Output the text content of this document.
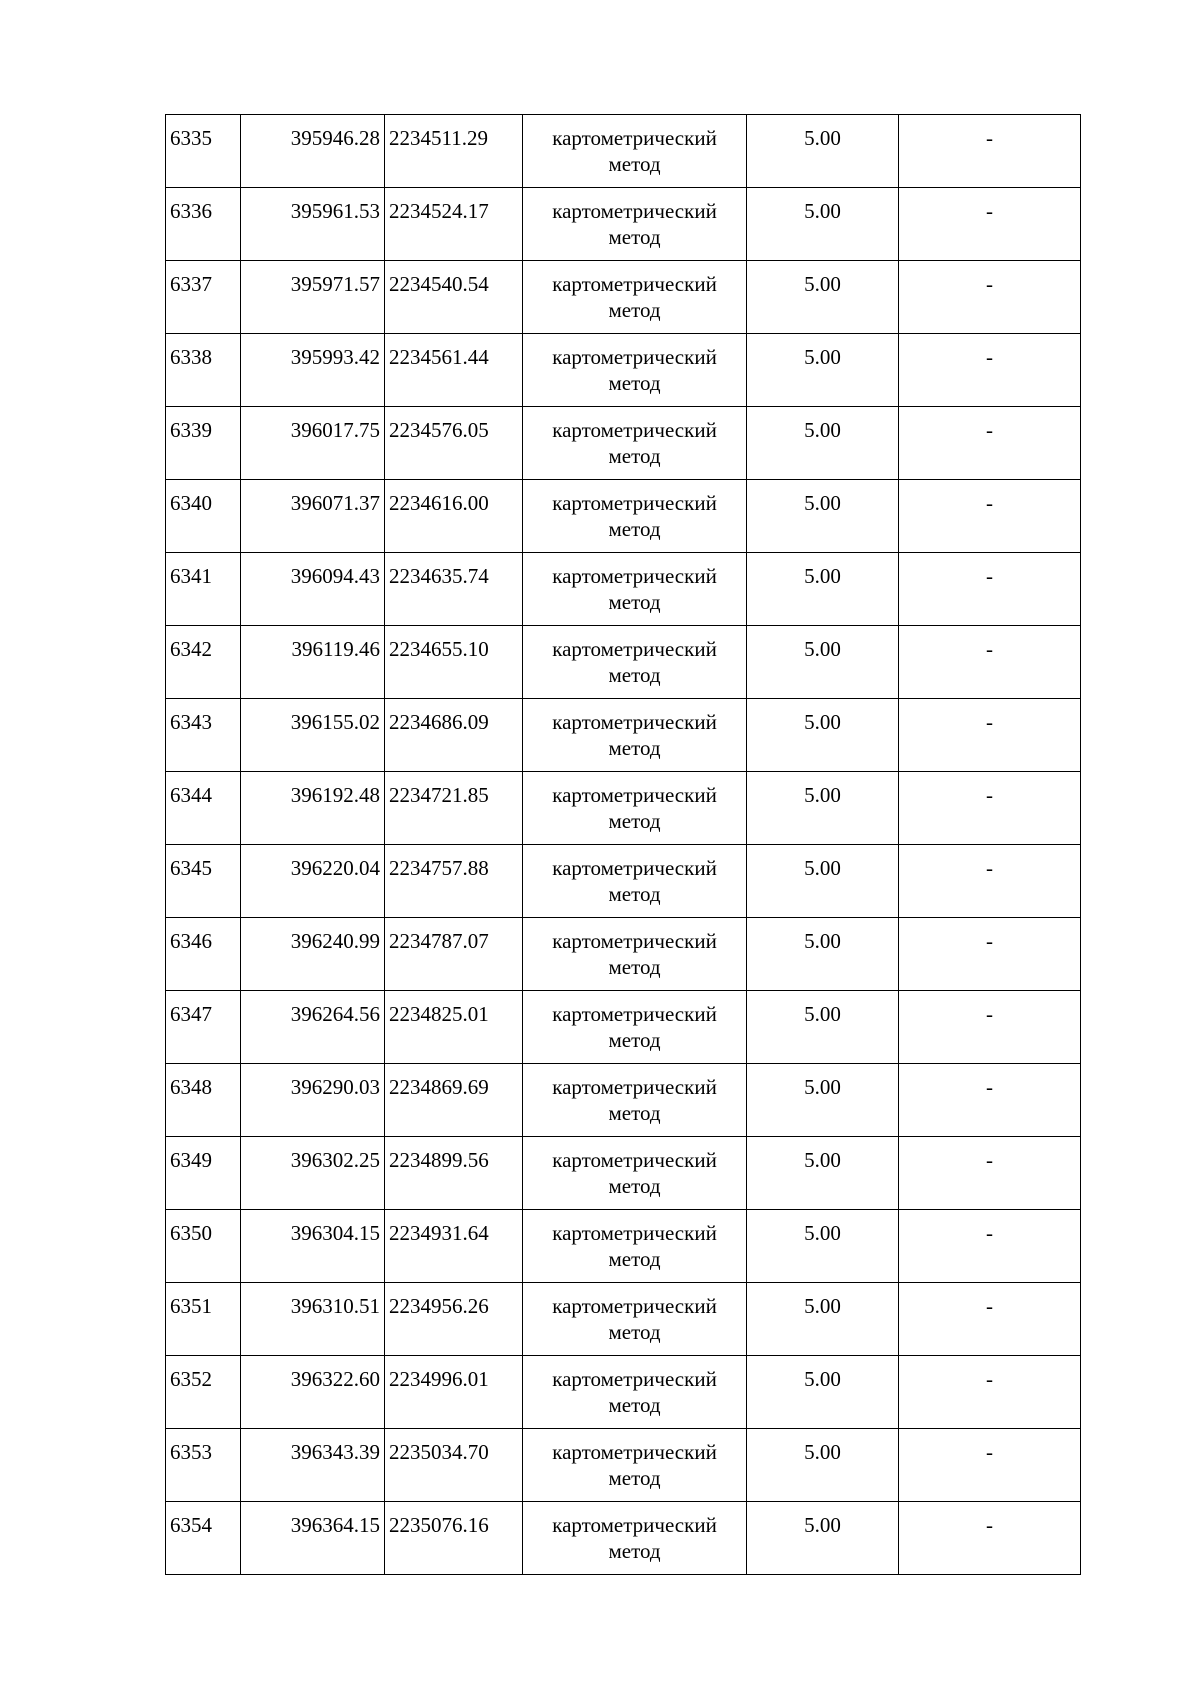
6335	395946.28	2234511.29	картометрический метод	5.00	-
6336	395961.53	2234524.17	картометрический метод	5.00	-
6337	395971.57	2234540.54	картометрический метод	5.00	-
6338	395993.42	2234561.44	картометрический метод	5.00	-
6339	396017.75	2234576.05	картометрический метод	5.00	-
6340	396071.37	2234616.00	картометрический метод	5.00	-
6341	396094.43	2234635.74	картометрический метод	5.00	-
6342	396119.46	2234655.10	картометрический метод	5.00	-
6343	396155.02	2234686.09	картометрический метод	5.00	-
6344	396192.48	2234721.85	картометрический метод	5.00	-
6345	396220.04	2234757.88	картометрический метод	5.00	-
6346	396240.99	2234787.07	картометрический метод	5.00	-
6347	396264.56	2234825.01	картометрический метод	5.00	-
6348	396290.03	2234869.69	картометрический метод	5.00	-
6349	396302.25	2234899.56	картометрический метод	5.00	-
6350	396304.15	2234931.64	картометрический метод	5.00	-
6351	396310.51	2234956.26	картометрический метод	5.00	-
6352	396322.60	2234996.01	картометрический метод	5.00	-
6353	396343.39	2235034.70	картометрический метод	5.00	-
6354	396364.15	2235076.16	картометрический метод	5.00	-
